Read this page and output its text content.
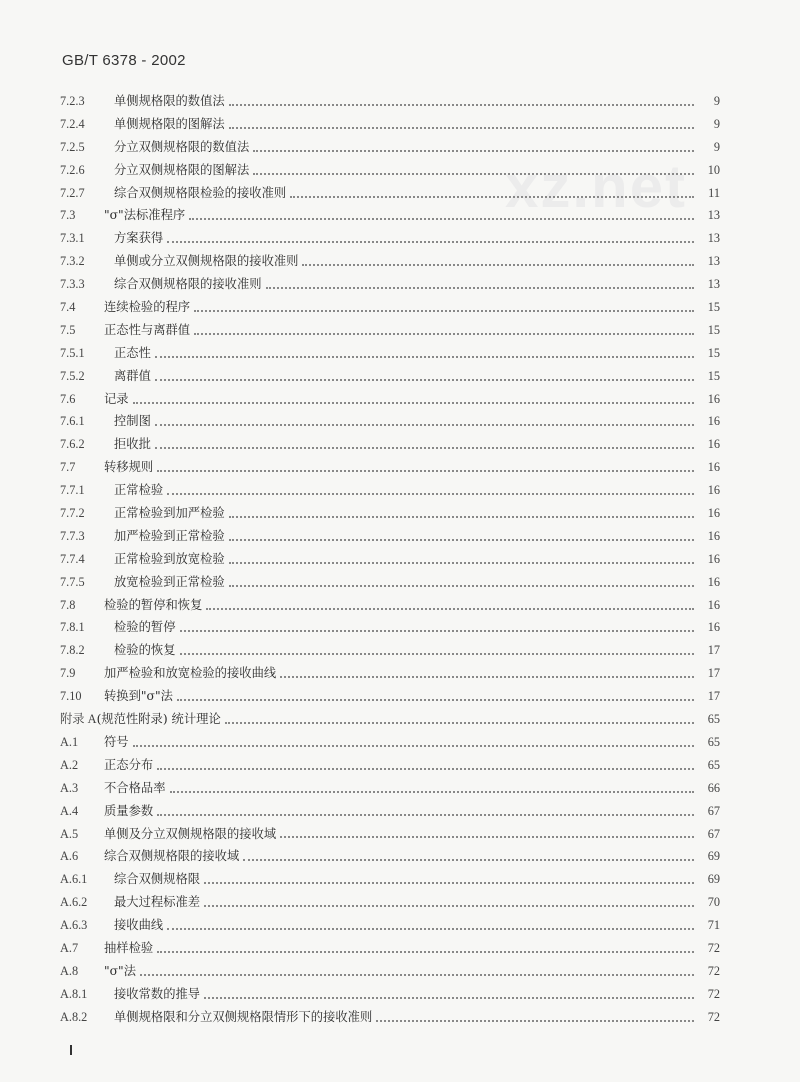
GB/T 6378 - 2002
xz.net
7.2.3	单侧规格限的数值法	9
7.2.4	单侧规格限的图解法	9
7.2.5	分立双侧规格限的数值法	9
7.2.6	分立双侧规格限的图解法	10
7.2.7	综合双侧规格限检验的接收准则	11
7.3	"σ"法标准程序	13
7.3.1	方案获得	13
7.3.2	单侧或分立双侧规格限的接收准则	13
7.3.3	综合双侧规格限的接收准则	13
7.4	连续检验的程序	15
7.5	正态性与离群值	15
7.5.1	正态性	15
7.5.2	离群值	15
7.6	记录	16
7.6.1	控制图	16
7.6.2	拒收批	16
7.7	转移规则	16
7.7.1	正常检验	16
7.7.2	正常检验到加严检验	16
7.7.3	加严检验到正常检验	16
7.7.4	正常检验到放宽检验	16
7.7.5	放宽检验到正常检验	16
7.8	检验的暂停和恢复	16
7.8.1	检验的暂停	16
7.8.2	检验的恢复	17
7.9	加严检验和放宽检验的接收曲线	17
7.10	转换到"σ"法	17
附录 A (规范性附录) 统计理论	65
A.1	符号	65
A.2	正态分布	65
A.3	不合格品率	66
A.4	质量参数	67
A.5	单侧及分立双侧规格限的接收域	67
A.6	综合双侧规格限的接收域	69
A.6.1	综合双侧规格限	69
A.6.2	最大过程标准差	70
A.6.3	接收曲线	71
A.7	抽样检验	72
A.8	"σ"法	72
A.8.1	接收常数的推导	72
A.8.2	单侧规格限和分立双侧规格限情形下的接收准则	72
